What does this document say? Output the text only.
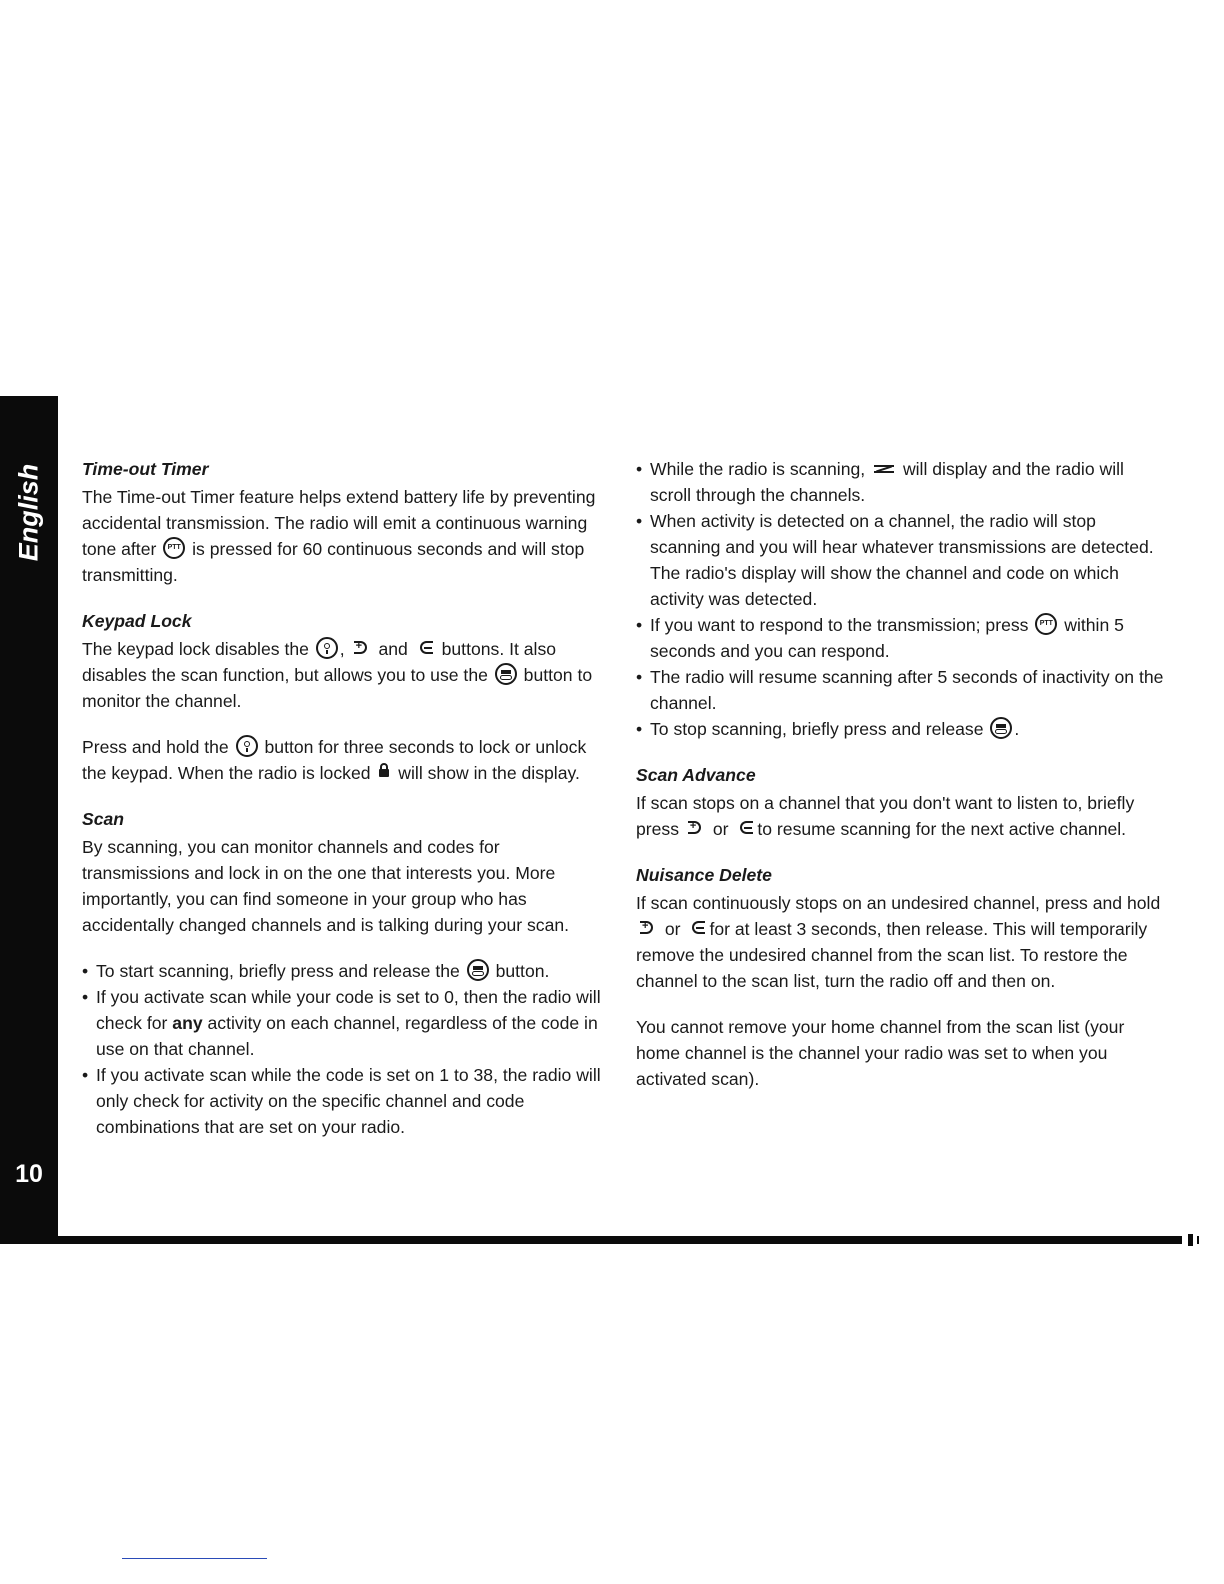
English
10
Time-out Timer

The Time-out Timer feature helps extend battery life by preventing accidental transmission. The radio will emit a continuous warning tone after PTT is pressed for 60 continuous seconds and will stop transmitting.

Keypad Lock

The keypad lock disables the , + and buttons. It also disables the scan function, but allows you to use the button to monitor the channel.

Press and hold the button for three seconds to lock or unlock the keypad. When the radio is locked will show in the display.

Scan

By scanning, you can monitor channels and codes for transmissions and lock in on the one that interests you. More importantly, you can find someone in your group who has accidentally changed channels and is talking during your scan.

• To start scanning, briefly press and release the button.
• If you activate scan while your code is set to 0, then the radio will check for any activity on each channel, regardless of the code in use on that channel.
• If you activate scan while the code is set on 1 to 38, the radio will only check for activity on the specific channel and code combinations that are set on your radio.
• While the radio is scanning, will display and the radio will scroll through the channels.
• When activity is detected on a channel, the radio will stop scanning and you will hear whatever transmissions are detected. The radio's display will show the channel and code on which activity was detected.
• If you want to respond to the transmission; press PTT within 5 seconds and you can respond.
• The radio will resume scanning after 5 seconds of inactivity on the channel.
• To stop scanning, briefly press and release .
Scan Advance

If scan stops on a channel that you don't want to listen to, briefly press + or to resume scanning for the next active channel.

Nuisance Delete

If scan continuously stops on an undesired channel, press and hold + or for at least 3 seconds, then release. This will temporarily remove the undesired channel from the scan list. To restore the channel to the scan list, turn the radio off and then on.

You cannot remove your home channel from the scan list (your home channel is the channel your radio was set to when you activated scan).
